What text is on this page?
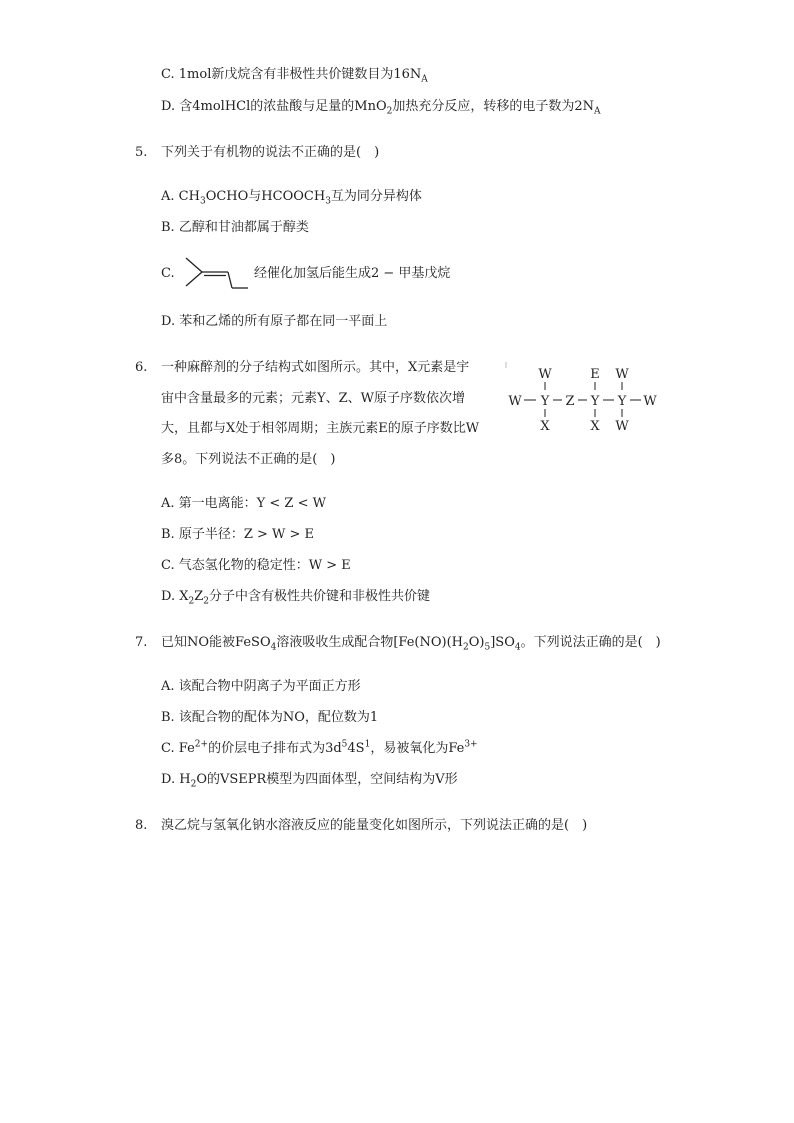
C. 1mol新戊烷含有非极性共价键数目为$16N_A$
D. 含4molHCl的浓盐酸与足量的MnO$_2$加热充分反应，转移的电子数为$2N_A$
5. 下列关于有机物的说法不正确的是(　)
A. $CH_3OCHO$与$HCOOCH_3$互为同分异构体
B. 乙醇和甘油都属于醇类
C.	经催化加氢后能生成2 − 甲基戊烷
D. 苯和乙烯的所有原子都在同一平面上
6. 一种麻醉剂的分子结构式如图所示。其中，X元素是宇
宙中含量最多的元素；元素Y、Z、W原子序数依次增
大，且都与X处于相邻周期；主族元素E的原子序数比W
多8。下列说法不正确的是(　)
W	E W
W Y Z Y Y W
X	X W
A. 第一电离能：Y < Z < W
B. 原子半径：Z > W > E
C. 气态氢化物的稳定性：W > E
D. $X_2Z_2$分子中含有极性共价键和非极性共价键
7. 已知NO能被FeSO$_4$溶液吸收生成配合物$[Fe(NO)(H_2O)_5]SO_4$。下列说法正确的是(　)
A. 该配合物中阴离子为平面正方形
B. 该配合物的配体为NO，配位数为1
C. $Fe^{2+}$的价层电子排布式为$3d^54S^1$，易被氧化为$Fe^{3+}$
D. $H_2O$的VSEPR模型为四面体型，空间结构为V形
8. 溴乙烷与氢氧化钠水溶液反应的能量变化如图所示，下列说法正确的是(　)
